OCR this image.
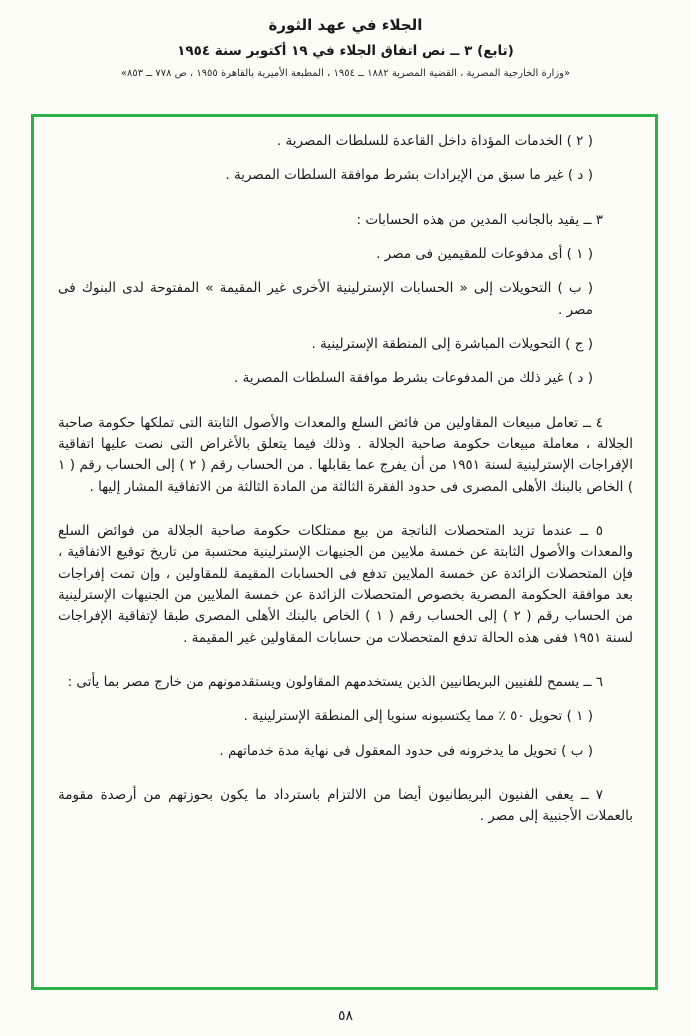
الجلاء في عهد الثورة
(تابع) ٣ ــ نص اتفاق الجلاء في ١٩ أكتوبر سنة ١٩٥٤
«وزارة الخارجية المصرية ، القضية المصرية ١٨٨٢ ــ ١٩٥٤ ، المطبعة الأميرية بالقاهرة ١٩٥٥ ، ص ٧٧٨ ــ ٨٥٣»

( ٢ ) الخدمات المؤداة داخل القاعدة للسلطات المصرية .

( د ) غير ما سبق من الإيرادات بشرط موافقة السلطات المصرية .

٣ ــ يقيد بالجانب المدين من هذه الحسابات :

( ١ ) أى مدفوعات للمقيمين فى مصر .

( ب ) التحويلات إلى « الحسابات الإسترلينية الأخرى غير المقيمة » المفتوحة لدى البنوك فى مصر .

( ج ) التحويلات المباشرة إلى المنطقة الإسترلينية .

( د ) غير ذلك من المدفوعات بشرط موافقة السلطات المصرية .

٤ ــ تعامل مبيعات المقاولين من فائض السلع والمعدات والأصول الثابتة التى تملكها حكومة صاحبة الجلالة ، معاملة مبيعات حكومة صاحبة الجلالة . وذلك فيما يتعلق بالأغراض التى نصت عليها اتفاقية الإفراجات الإسترلينية لسنة ١٩٥١ من أن يفرج عما يقابلها . من الحساب رقم ( ٢ ) إلى الحساب رقم ( ١ ) الخاص بالبنك الأهلى المصرى فى حدود الفقرة الثالثة من المادة الثالثة من الاتفاقية المشار إليها .

٥ ــ عندما تزيد المتحصلات الناتجة من بيع ممتلكات حكومة صاحبة الجلالة من فوائض السلع والمعدات والأصول الثابتة عن خمسة ملايين من الجنيهات الإسترلينية محتسبة من تاريخ توقيع الاتفاقية ، فإن المتحصلات الزائدة عن خمسة الملايين تدفع فى الحسابات المقيمة للمقاولين ، وإن تمت إفراجات بعد موافقة الحكومة المصرية بخصوص المتحصلات الزائدة عن خمسة الملايين من الجنيهات الإسترلينية من الحساب رقم ( ٢ ) إلى الحساب رقم ( ١ ) الخاص بالبنك الأهلى المصرى طبقا لإتفاقية الإفراجات لسنة ١٩٥١ ففى هذه الحالة تدفع المتحصلات من حسابات المقاولين غير المقيمة .

٦ ــ يسمح للفنيين البريطانيين الذين يستخدمهم المقاولون ويستقدمونهم من خارج مصر بما يأتى :

( ١ ) تحويل ٥٠ ٪ مما يكتسبونه سنويا إلى المنطقة الإسترلينية .

( ب ) تحويل ما يدخرونه فى حدود المعقول فى نهاية مدة خدماتهم .

٧ ــ يعفى الفنيون البريطانيون أيضا من الالتزام باسترداد ما يكون بحوزتهم من أرصدة مقومة بالعملات الأجنبية إلى مصر .

٥٨
